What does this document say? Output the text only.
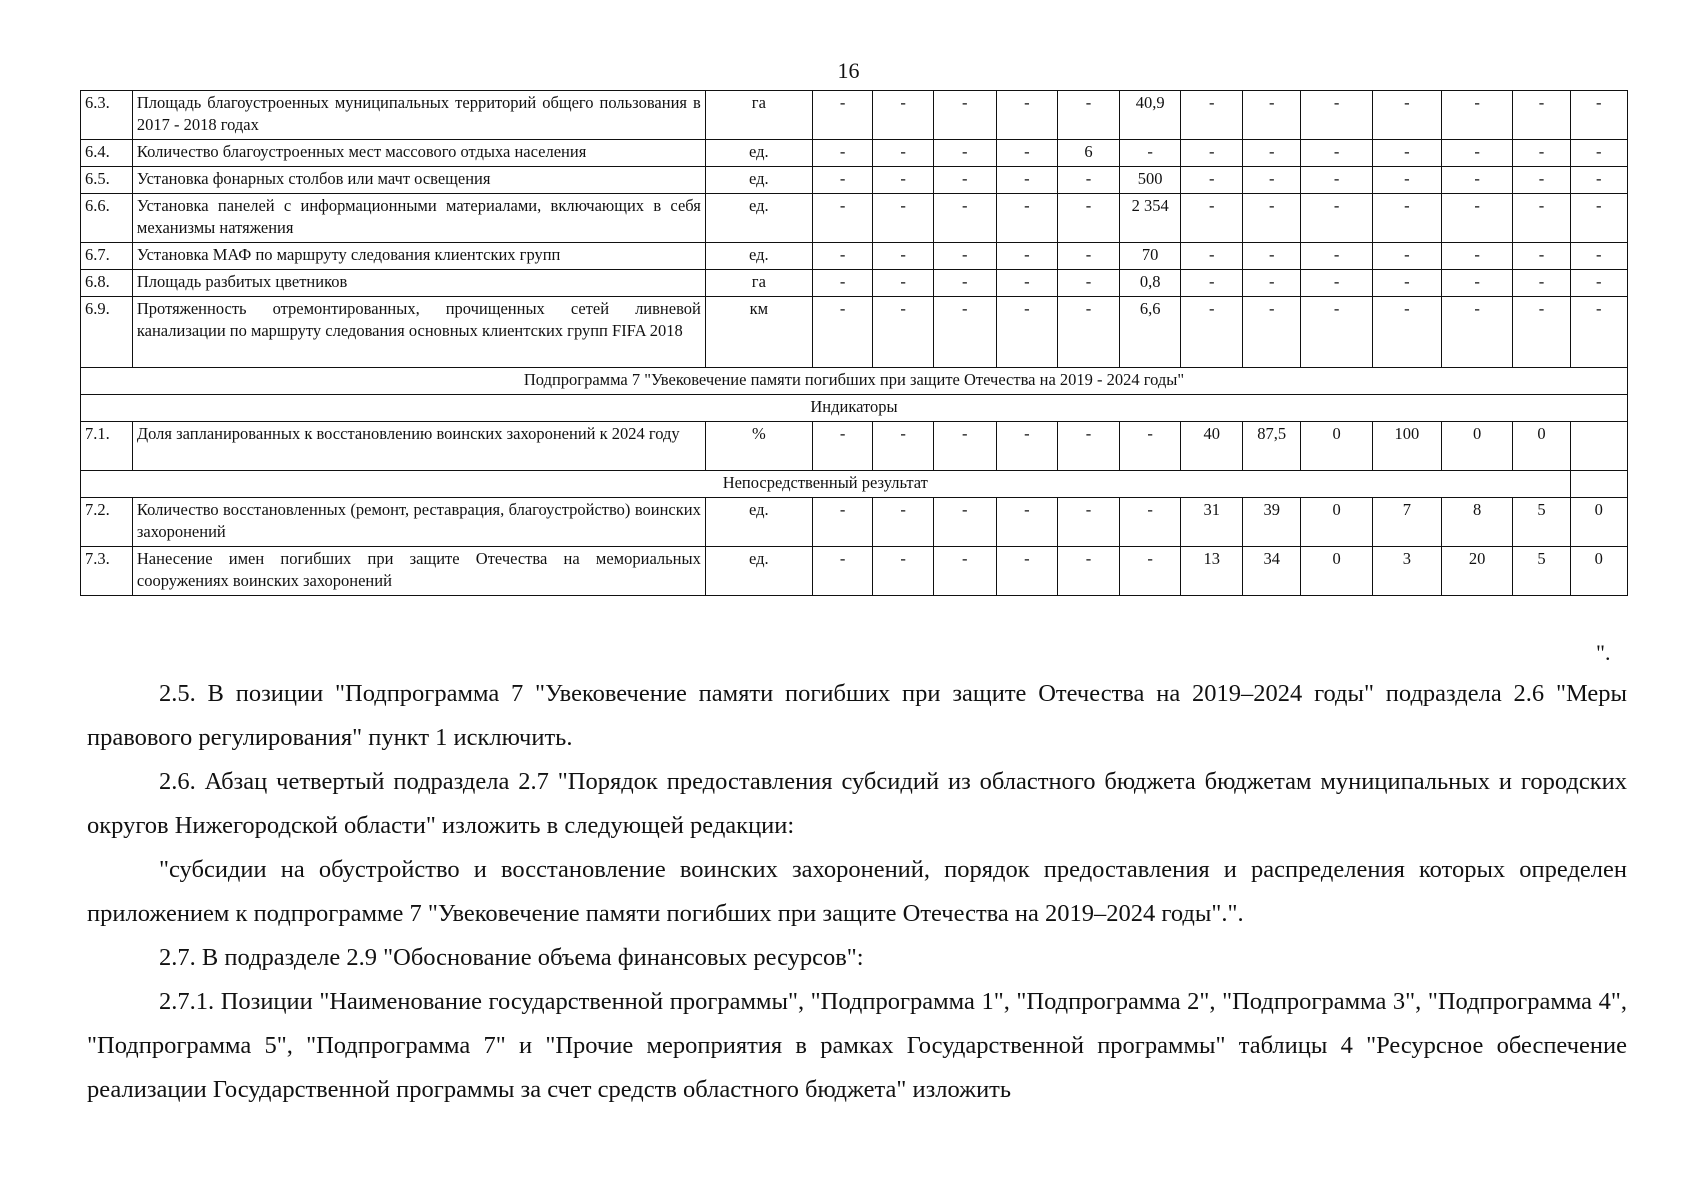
16
6.3.	Площадь благоустроенных муниципальных территорий общего пользования в 2017 - 2018 годах	га	-	-	-	-	-	40,9	-	-	-	-	-	-	-
6.4.	Количество благоустроенных мест массового отдыха населения	ед.	-	-	-	-	6	-	-	-	-	-	-	-	-
6.5.	Установка фонарных столбов или мачт освещения	ед.	-	-	-	-	-	500	-	-	-	-	-	-	-
6.6.	Установка панелей с информационными материалами, включающих в себя механизмы натяжения	ед.	-	-	-	-	-	2 354	-	-	-	-	-	-	-
6.7.	Установка МАФ по маршруту следования клиентских групп	ед.	-	-	-	-	-	70	-	-	-	-	-	-	-
6.8.	Площадь разбитых цветников	га	-	-	-	-	-	0,8	-	-	-	-	-	-	-
6.9.	Протяженность отремонтированных, прочищенных сетей ливневой канализации по маршруту следования основных клиентских групп FIFA 2018	км	-	-	-	-	-	6,6	-	-	-	-	-	-	-
Подпрограмма 7 "Увековечение памяти погибших при защите Отечества на 2019 - 2024 годы"															
Индикаторы															
7.1.	Доля запланированных к восстановлению воинских захоронений к 2024 году	%	-	-	-	-	-	-	40	87,5	0	100	0	0	
Непосредственный результат															
7.2.	Количество восстановленных (ремонт, реставрация, благоустройство) воинских захоронений	ед.	-	-	-	-	-	-	31	39	0	7	8	5	0
7.3.	Нанесение имен погибших при защите Отечества на мемориальных сооружениях воинских захоронений	ед.	-	-	-	-	-	-	13	34	0	3	20	5	0
".

2.5. В позиции "Подпрограмма 7 "Увековечение памяти погибших при защите Отечества на 2019–2024 годы" подраздела 2.6 "Меры правового регулирования" пункт 1 исключить.

2.6. Абзац четвертый подраздела 2.7 "Порядок предоставления субсидий из областного бюджета бюджетам муниципальных и городских округов Нижегородской области" изложить в следующей редакции:

"субсидии на обустройство и восстановление воинских захоронений, порядок предоставления и распределения которых определен приложением к подпрограмме 7 "Увековечение памяти погибших при защите Отечества на 2019–2024 годы".".

2.7. В подразделе 2.9 "Обоснование объема финансовых ресурсов":

2.7.1. Позиции "Наименование государственной программы", "Подпрограмма 1", "Подпрограмма 2", "Подпрограмма 3", "Подпрограмма 4", "Подпрограмма 5", "Подпрограмма 7" и "Прочие мероприятия в рамках Государственной программы" таблицы 4 "Ресурсное обеспечение реализации Государственной программы за счет средств областного бюджета" изложить
